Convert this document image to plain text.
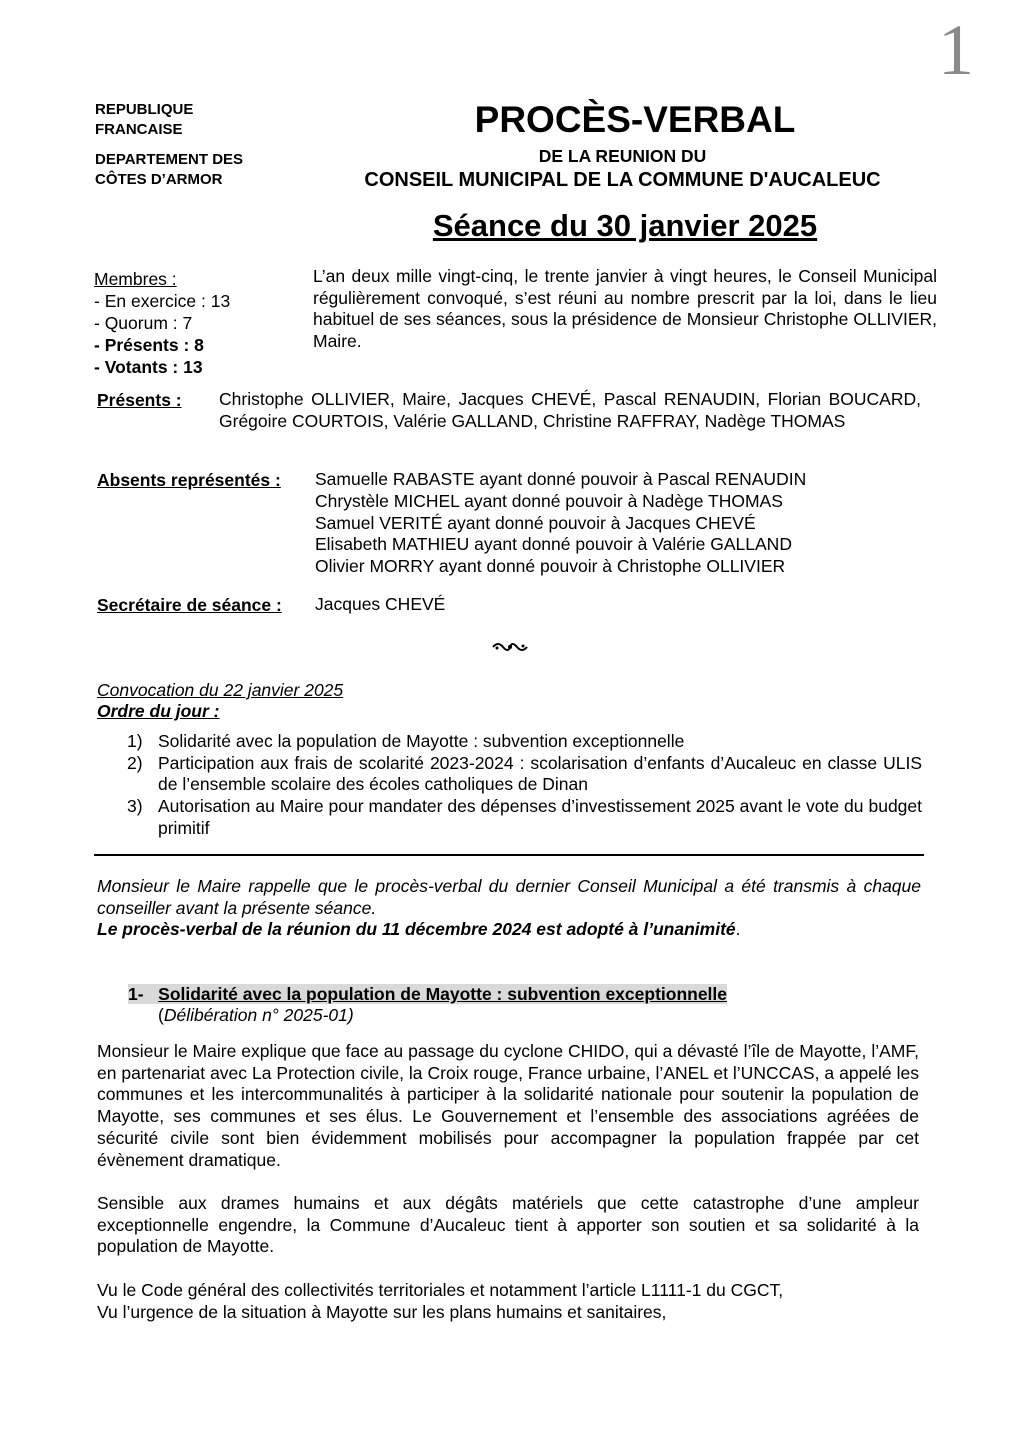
1
REPUBLIQUE
FRANCAISE
DEPARTEMENT DES
CÔTES D’ARMOR
PROCÈS-VERBAL
DE LA REUNION DU
CONSEIL MUNICIPAL DE LA COMMUNE D'AUCALEUC
Séance du 30 janvier 2025
Membres :
- En exercice : 13
- Quorum : 7
- Présents : 8
- Votants : 13
L’an deux mille vingt-cinq, le trente janvier à vingt heures, le Conseil Municipal régulièrement convoqué, s’est réuni au nombre prescrit par la loi, dans le lieu habituel de ses séances, sous la présidence de Monsieur Christophe OLLIVIER, Maire.
Présents : Christophe OLLIVIER, Maire, Jacques CHEVÉ, Pascal RENAUDIN, Florian BOUCARD, Grégoire COURTOIS, Valérie GALLAND, Christine RAFFRAY, Nadège THOMAS
Absents représentés : Samuelle RABASTE ayant donné pouvoir à Pascal RENAUDIN
Chrystèle MICHEL ayant donné pouvoir à Nadège THOMAS
Samuel VERITÉ ayant donné pouvoir à Jacques CHEVÉ
Elisabeth MATHIEU ayant donné pouvoir à Valérie GALLAND
Olivier MORRY ayant donné pouvoir à Christophe OLLIVIER
Secrétaire de séance : Jacques CHEVÉ
Convocation du 22 janvier 2025
Ordre du jour :
1) Solidarité avec la population de Mayotte : subvention exceptionnelle
2) Participation aux frais de scolarité 2023-2024 : scolarisation d’enfants d’Aucaleuc en classe ULIS de l’ensemble scolaire des écoles catholiques de Dinan
3) Autorisation au Maire pour mandater des dépenses d’investissement 2025 avant le vote du budget primitif
Monsieur le Maire rappelle que le procès-verbal du dernier Conseil Municipal a été transmis à chaque conseiller avant la présente séance.
Le procès-verbal de la réunion du 11 décembre 2024 est adopté à l’unanimité.
1- Solidarité avec la population de Mayotte : subvention exceptionnelle
(Délibération n° 2025-01)
Monsieur le Maire explique que face au passage du cyclone CHIDO, qui a dévasté l’île de Mayotte, l’AMF, en partenariat avec La Protection civile, la Croix rouge, France urbaine, l’ANEL et l’UNCCAS, a appelé les communes et les intercommunalités à participer à la solidarité nationale pour soutenir la population de Mayotte, ses communes et ses élus. Le Gouvernement et l’ensemble des associations agréées de sécurité civile sont bien évidemment mobilisés pour accompagner la population frappée par cet évènement dramatique.
Sensible aux drames humains et aux dégâts matériels que cette catastrophe d’une ampleur exceptionnelle engendre, la Commune d’Aucaleuc tient à apporter son soutien et sa solidarité à la population de Mayotte.
Vu le Code général des collectivités territoriales et notamment l’article L1111-1 du CGCT,
Vu l’urgence de la situation à Mayotte sur les plans humains et sanitaires,
